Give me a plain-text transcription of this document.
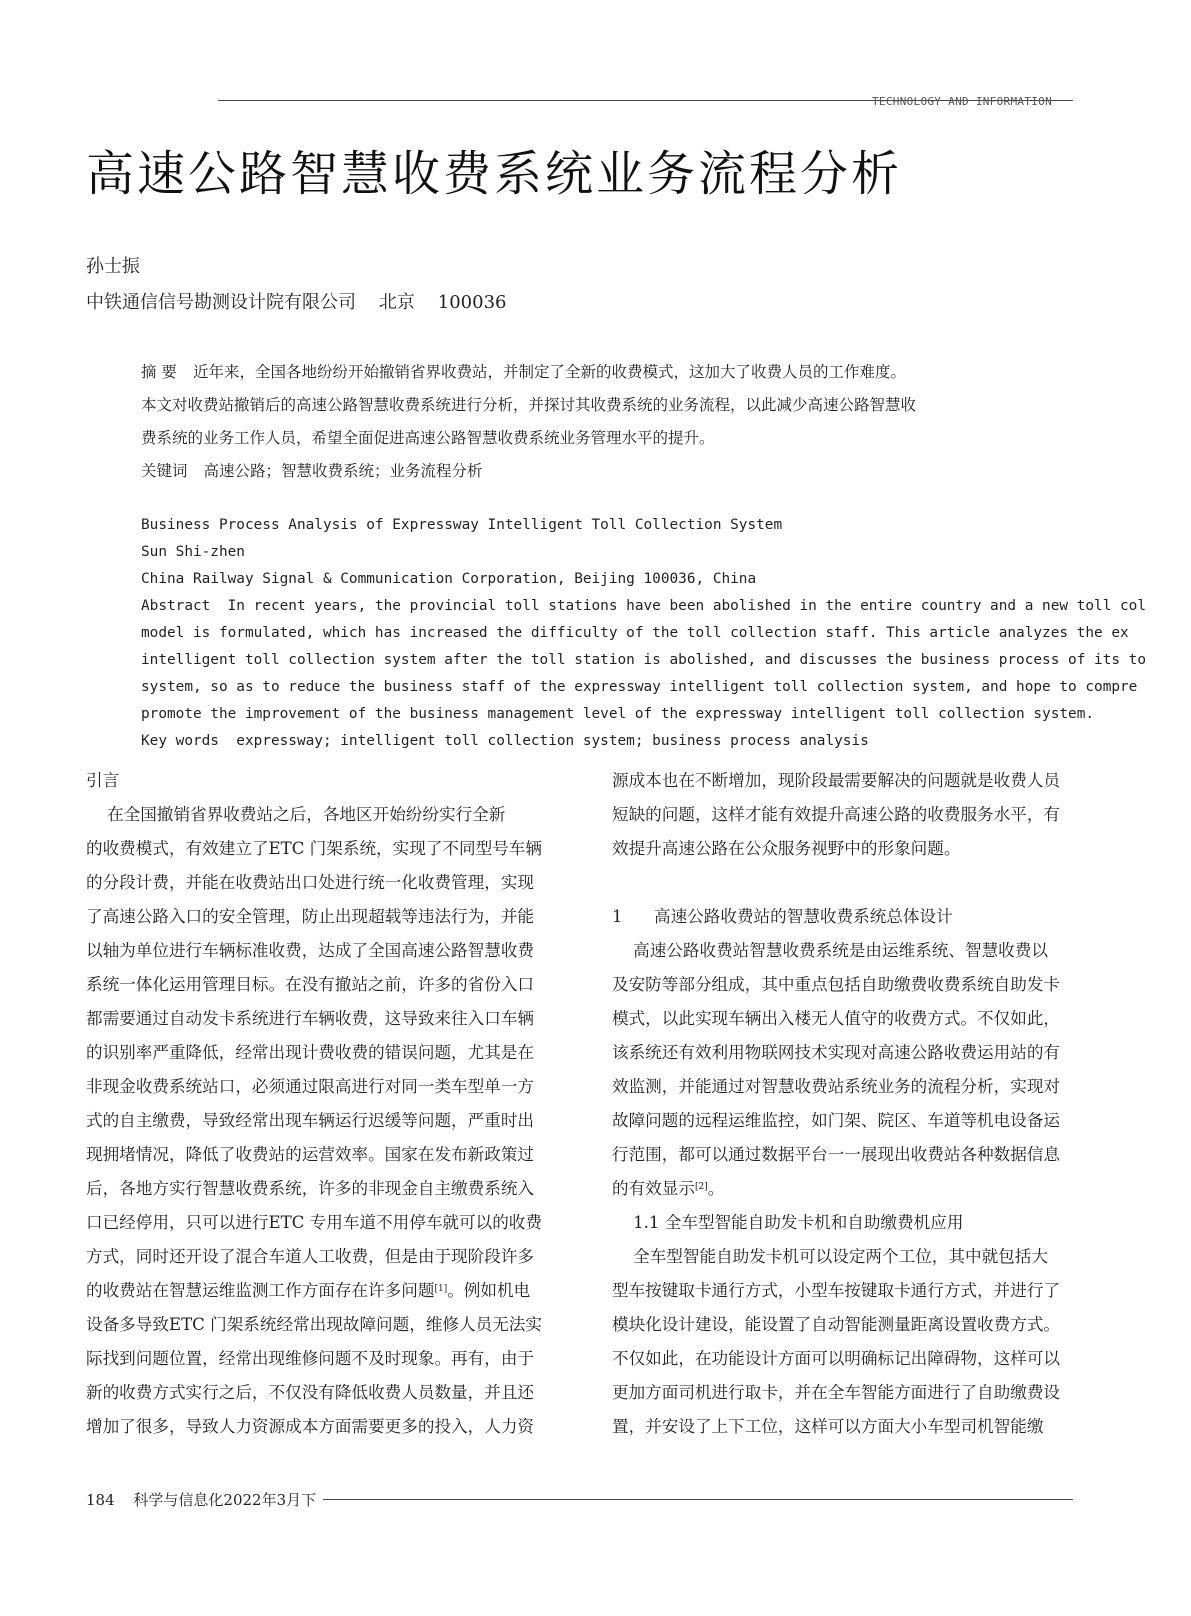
TECHNOLOGY AND INFORMATION
高速公路智慧收费系统业务流程分析
孙士振
中铁通信信号勘测设计院有限公司    北京    100036

摘 要 近年来，全国各地纷纷开始撤销省界收费站，并制定了全新的收费模式，这加大了收费人员的工作难度。

本文对收费站撤销后的高速公路智慧收费系统进行分析，并探讨其收费系统的业务流程，以此减少高速公路智慧收

费系统的业务工作人员，希望全面促进高速公路智慧收费系统业务管理水平的提升。

关键词 高速公路；智慧收费系统；业务流程分析

Business Process Analysis of Expressway Intelligent Toll Collection System

Sun Shi-zhen

China Railway Signal & Communication Corporation, Beijing 100036, China

Abstract  In recent years, the provincial toll stations have been abolished in the entire country and a new toll col

model is formulated, which has increased the difficulty of the toll collection staff. This article analyzes the ex

intelligent toll collection system after the toll station is abolished, and discusses the business process of its to

system, so as to reduce the business staff of the expressway intelligent toll collection system, and hope to compre

promote the improvement of the business management level of the expressway intelligent toll collection system.

Key words  expressway; intelligent toll collection system; business process analysis

引言

在全国撤销省界收费站之后，各地区开始纷纷实行全新

的收费模式，有效建立了ETC 门架系统，实现了不同型号车辆

的分段计费，并能在收费站出口处进行统一化收费管理，实现

了高速公路入口的安全管理，防止出现超载等违法行为，并能

以轴为单位进行车辆标准收费，达成了全国高速公路智慧收费

系统一体化运用管理目标。在没有撤站之前，许多的省份入口

都需要通过自动发卡系统进行车辆收费，这导致来往入口车辆

的识别率严重降低，经常出现计费收费的错误问题，尤其是在

非现金收费系统站口，必须通过限高进行对同一类车型单一方

式的自主缴费，导致经常出现车辆运行迟缓等问题，严重时出

现拥堵情况，降低了收费站的运营效率。国家在发布新政策过

后，各地方实行智慧收费系统，许多的非现金自主缴费系统入

口已经停用，只可以进行ETC 专用车道不用停车就可以的收费

方式，同时还开设了混合车道人工收费，但是由于现阶段许多

的收费站在智慧运维监测工作方面存在许多问题[1]。例如机电

设备多导致ETC 门架系统经常出现故障问题，维修人员无法实

际找到问题位置，经常出现维修问题不及时现象。再有，由于

新的收费方式实行之后，不仅没有降低收费人员数量，并且还

增加了很多，导致人力资源成本方面需要更多的投入，人力资

源成本也在不断增加，现阶段最需要解决的问题就是收费人员

短缺的问题，这样才能有效提升高速公路的收费服务水平，有

效提升高速公路在公众服务视野中的形象问题。

1 高速公路收费站的智慧收费系统总体设计

高速公路收费站智慧收费系统是由运维系统、智慧收费以

及安防等部分组成，其中重点包括自助缴费收费系统自助发卡

模式，以此实现车辆出入楼无人值守的收费方式。不仅如此，

该系统还有效利用物联网技术实现对高速公路收费运用站的有

效监测，并能通过对智慧收费站系统业务的流程分析，实现对

故障问题的远程运维监控，如门架、院区、车道等机电设备运

行范围，都可以通过数据平台一一展现出收费站各种数据信息

的有效显示[2]。

1.1 全车型智能自助发卡机和自助缴费机应用

全车型智能自助发卡机可以设定两个工位，其中就包括大

型车按键取卡通行方式，小型车按键取卡通行方式，并进行了

模块化设计建设，能设置了自动智能测量距离设置收费方式。

不仅如此，在功能设计方面可以明确标记出障碍物，这样可以

更加方面司机进行取卡，并在全车智能方面进行了自助缴费设

置，并安设了上下工位，这样可以方面大小车型司机智能缴

184 科学与信息化2022年3月下
